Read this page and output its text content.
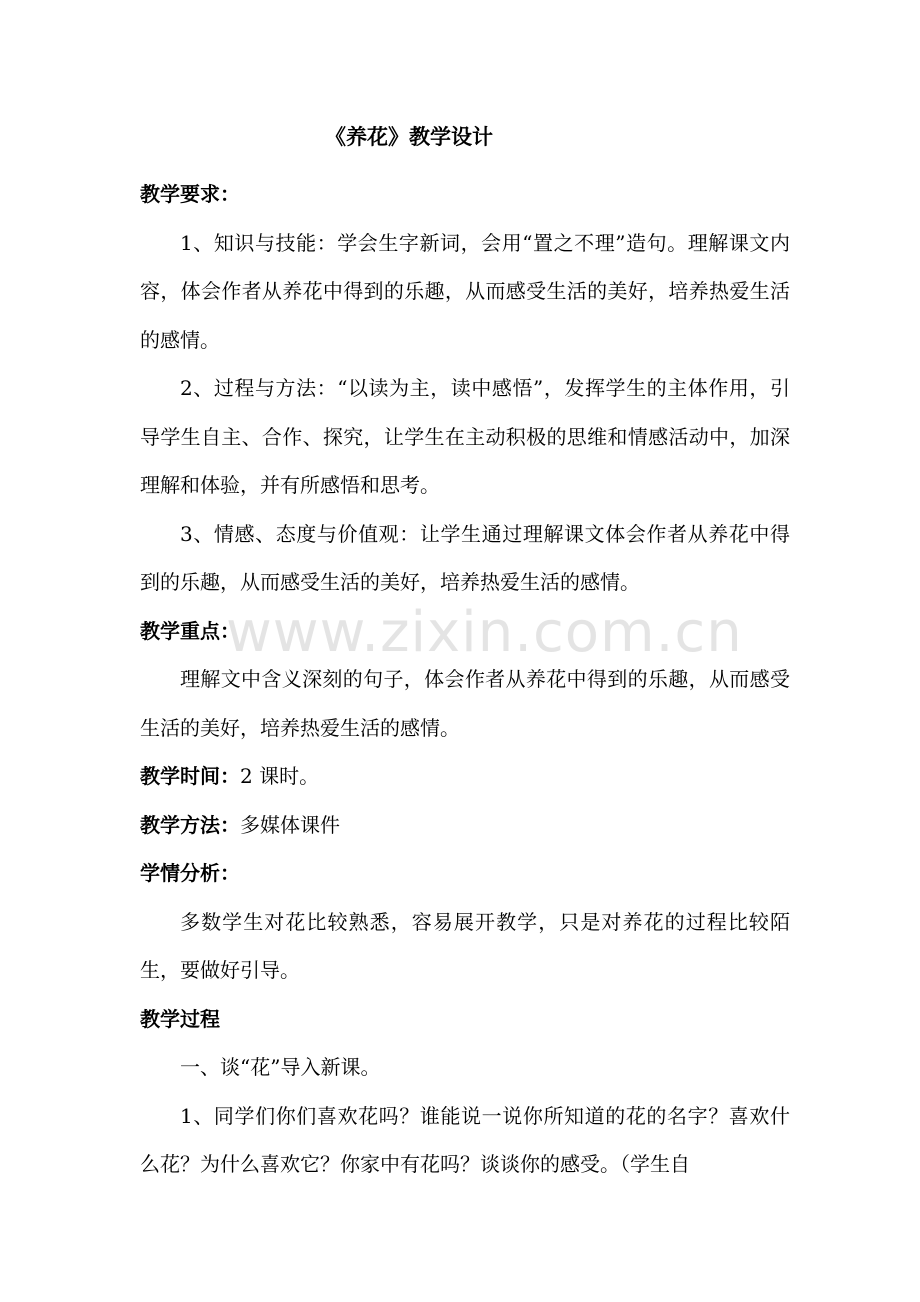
《养花》教学设计

教学要求：

1、知识与技能：学会生字新词，会用“置之不理”造句。理解课文内容，体会作者从养花中得到的乐趣，从而感受生活的美好，培养热爱生活的感情。

2、过程与方法：“以读为主，读中感悟”，发挥学生的主体作用，引导学生自主、合作、探究，让学生在主动积极的思维和情感活动中，加深理解和体验，并有所感悟和思考。

3、情感、态度与价值观：让学生通过理解课文体会作者从养花中得到的乐趣，从而感受生活的美好，培养热爱生活的感情。

教学重点：

理解文中含义深刻的句子，体会作者从养花中得到的乐趣，从而感受生活的美好，培养热爱生活的感情。

教学时间：2 课时。

教学方法：多媒体课件

学情分析：

多数学生对花比较熟悉，容易展开教学，只是对养花的过程比较陌生，要做好引导。

教学过程

一、谈“花”导入新课。

1、同学们你们喜欢花吗？谁能说一说你所知道的花的名字？喜欢什么花？为什么喜欢它？你家中有花吗？谈谈你的感受。（学生自

www.zixin.com.cn
